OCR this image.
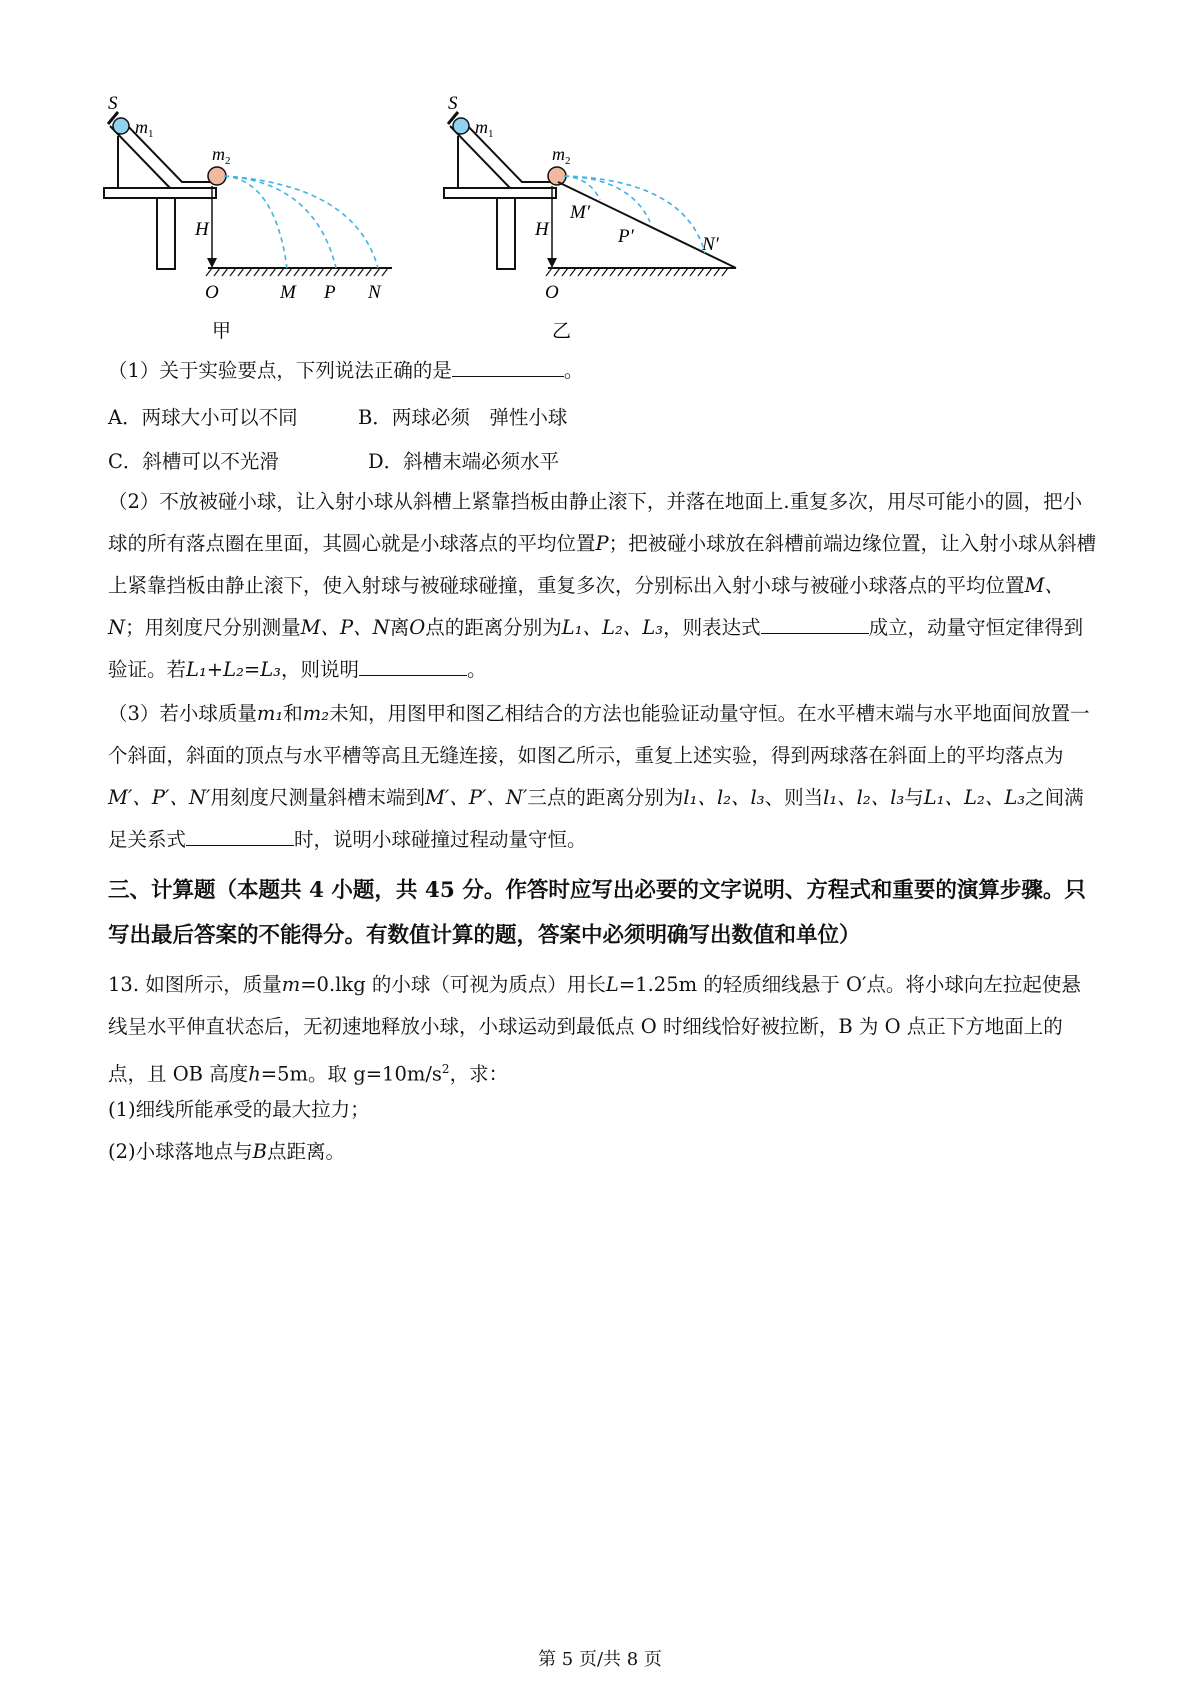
S
$m_1$
$m_2$
H
O	M P N
甲
S
$m_1$
$m_2$
H
M′
P′	N′
O
乙
（1）关于实验要点，下列说法正确的是	。
A．两球大小可以不同	B．两球必须　弹性小球
C．斜槽可以不光滑	D．斜槽末端必须水平
（2）不放被碰小球，让入射小球从斜槽上紧靠挡板由静止滚下，并落在地面上.重复多次，用尽可能小的圆，把小球的所有落点圈在里面，其圆心就是小球落点的平均位置P；把被碰小球放在斜槽前端边缘位置，让入射小球从斜槽上紧靠挡板由静止滚下，使入射球与被碰球碰撞，重复多次，分别标出入射小球与被碰小球落点的平均位置M、N；用刻度尺分别测量M、P、N离O点的距离分别为L₁、L₂、L₃，则表达式	成立，动量守恒定律得到验证。若L₁+L₂=L₃，则说明	。
（3）若小球质量m₁和m₂未知，用图甲和图乙相结合的方法也能验证动量守恒。在水平槽末端与水平地面间放置一个斜面，斜面的顶点与水平槽等高且无缝连接，如图乙所示，重复上述实验，得到两球落在斜面上的平均落点为M′、P′、N′用刻度尺测量斜槽末端到M′、P′、N′三点的距离分别为l₁、l₂、l₃、则当l₁、l₂、l₃与L₁、L₂、L₃之间满足关系式	时，说明小球碰撞过程动量守恒。
三、计算题（本题共 4 小题，共 45 分。作答时应写出必要的文字说明、方程式和重要的演算步骤。只写出最后答案的不能得分。有数值计算的题，答案中必须明确写出数值和单位）
13. 如图所示，质量m=0.lkg 的小球（可视为质点）用长L=1.25m 的轻质细线悬于 O′点。将小球向左拉起使悬线呈水平伸直状态后，无初速地释放小球，小球运动到最低点 O 时细线恰好被拉断，B 为 O 点正下方地面上的点，且 OB 高度h=5m。取 $g=10m/s^2$，求：
(1)细线所能承受的最大拉力；
(2)小球落地点与B点距离。
第 5 页/共 8 页
